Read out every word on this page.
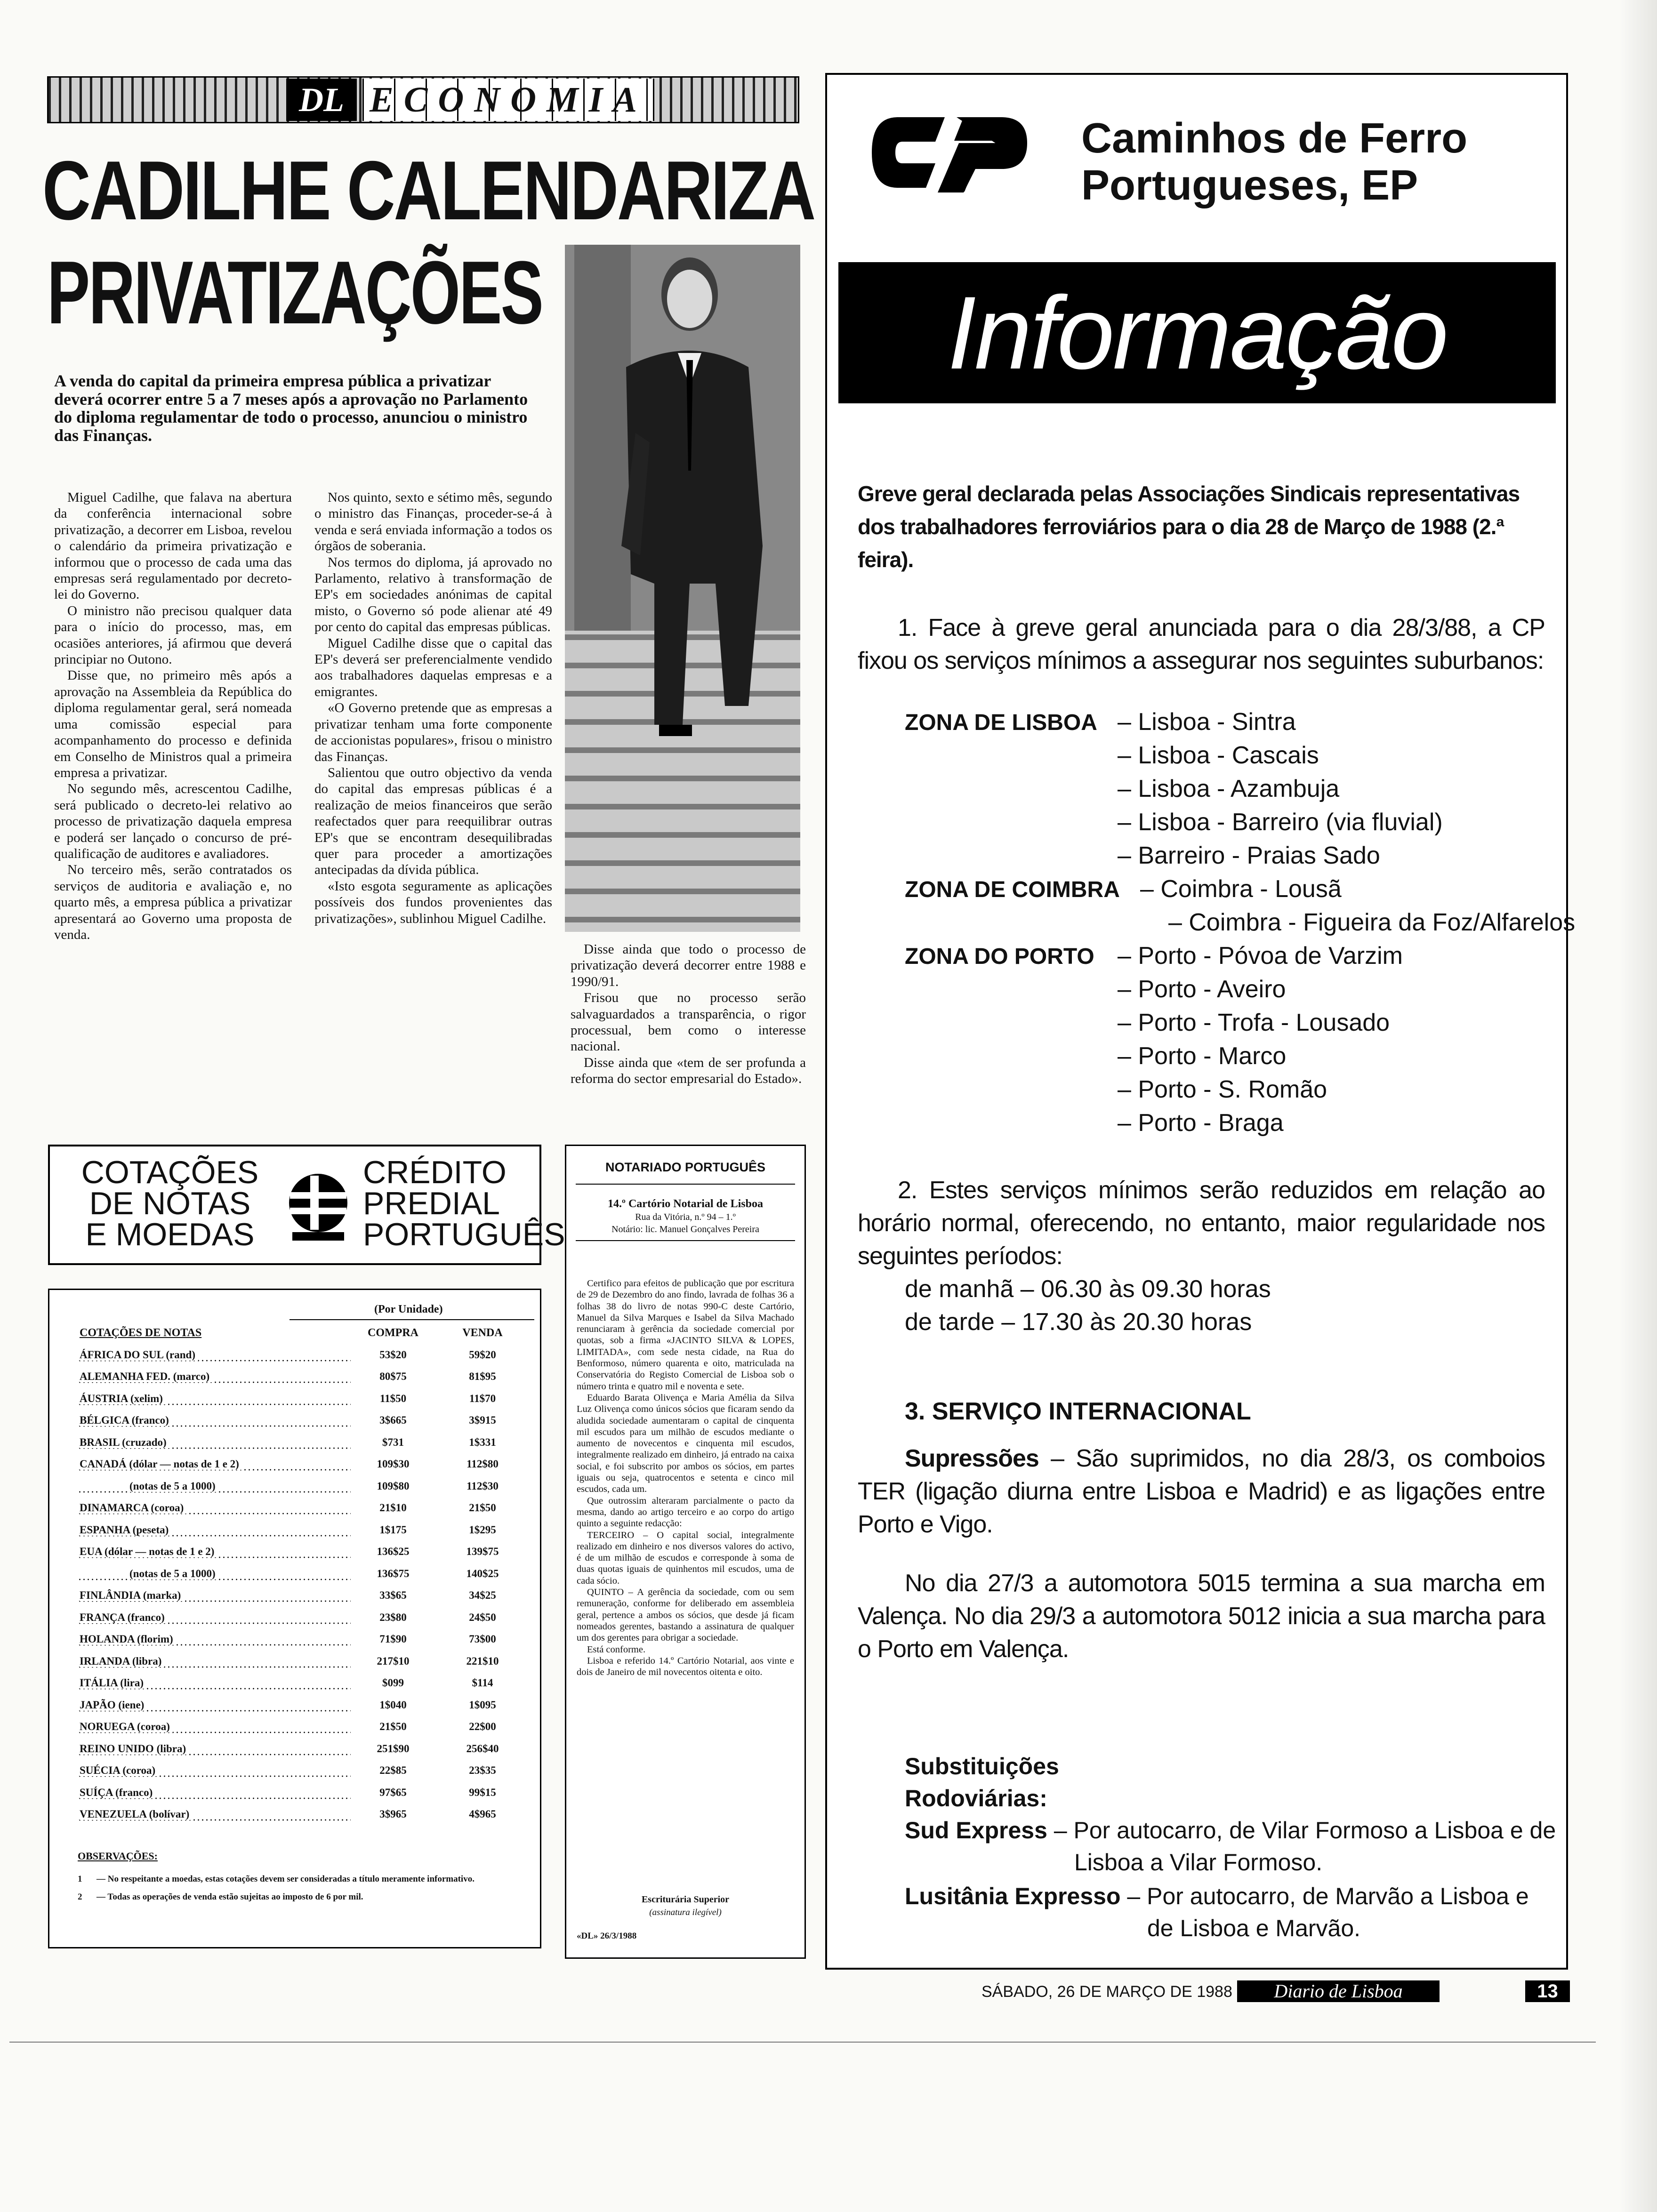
DL ECONOMIA
CADILHE CALENDARIZA
PRIVATIZAÇÕES
A venda do capital da primeira empresa pública a privatizar deverá ocorrer entre 5 a 7 meses após a aprovação no Parlamento do diploma regulamentar de todo o processo, anunciou o ministro das Finanças.

Miguel Cadilhe, que falava na abertura da conferência internacional sobre privatização, a decorrer em Lisboa, revelou o calendário da primeira privatização e informou que o processo de cada uma das empresas será regulamentado por decreto-lei do Governo.

O ministro não precisou qualquer data para o início do processo, mas, em ocasiões anteriores, já afirmou que deverá principiar no Outono.

Disse que, no primeiro mês após a aprovação na Assembleia da República do diploma regulamentar geral, será nomeada uma comissão especial para acompanhamento do processo e definida em Conselho de Ministros qual a primeira empresa a privatizar.

No segundo mês, acrescentou Cadilhe, será publicado o decreto-lei relativo ao processo de privatização daquela empresa e poderá ser lançado o concurso de pré-qualificação de auditores e avaliadores.

No terceiro mês, serão contratados os serviços de auditoria e avaliação e, no quarto mês, a empresa pública a privatizar apresentará ao Governo uma proposta de venda.

Nos quinto, sexto e sétimo mês, segundo o ministro das Finanças, proceder-se-á à venda e será enviada informação a todos os órgãos de soberania.

Nos termos do diploma, já aprovado no Parlamento, relativo à transformação de EP's em sociedades anónimas de capital misto, o Governo só pode alienar até 49 por cento do capital das empresas públicas.

Miguel Cadilhe disse que o capital das EP's deverá ser preferencialmente vendido aos trabalhadores daquelas empresas e a emigrantes.

«O Governo pretende que as empresas a privatizar tenham uma forte componente de accionistas populares», frisou o ministro das Finanças.

Salientou que outro objectivo da venda do capital das empresas públicas é a realização de meios financeiros que serão reafectados quer para reequilibrar outras EP's que se encontram desequilibradas quer para proceder a amortizações antecipadas da dívida pública.

«Isto esgota seguramente as aplicações possíveis dos fundos provenientes das privatizações», sublinhou Miguel Cadilhe.

Disse ainda que todo o processo de privatização deverá decorrer entre 1988 e 1990/91.

Frisou que no processo serão salvaguardados a transparência, o rigor processual, bem como o interesse nacional.

Disse ainda que «tem de ser profunda a reforma do sector empresarial do Estado».

COTAÇÕES
DE NOTAS
E MOEDAS
CRÉDITO
PREDIAL
PORTUGUÊS
(Por Unidade)
COTAÇÕES DE NOTAS	COMPRA	VENDA
ÁFRICA DO SUL (rand)	53$20	59$20
ALEMANHA FED. (marco)	80$75	81$95
ÁUSTRIA (xelim)	11$50	11$70
BÉLGICA (franco)	3$665	3$915
BRASIL (cruzado)	$731	1$331
CANADÁ (dólar — notas de 1 e 2)	109$30	112$80
(notas de 5 a 1000)	109$80	112$30
DINAMARCA (coroa)	21$10	21$50
ESPANHA (peseta)	1$175	1$295
EUA (dólar — notas de 1 e 2)	136$25	139$75
(notas de 5 a 1000)	136$75	140$25
FINLÂNDIA (marka)	33$65	34$25
FRANÇA (franco)	23$80	24$50
HOLANDA (florim)	71$90	73$00
IRLANDA (libra)	217$10	221$10
ITÁLIA (lira)	$099	$114
JAPÃO (iene)	1$040	1$095
NORUEGA (coroa)	21$50	22$00
REINO UNIDO (libra)	251$90	256$40
SUÉCIA (coroa)	22$85	23$35
SUÍÇA (franco)	97$65	99$15
VENEZUELA (bolívar)	3$965	4$965
OBSERVAÇÕES:
1	— No respeitante a moedas, estas cotações devem ser consideradas a título meramente informativo.
2	— Todas as operações de venda estão sujeitas ao imposto de 6 por mil.
NOTARIADO PORTUGUÊS
14.º Cartório Notarial de Lisboa
Rua da Vitória, n.º 94 – 1.º
Notário: lic. Manuel Gonçalves Pereira
Certifico para efeitos de publicação que por escritura de 29 de Dezembro do ano findo, lavrada de folhas 36 a folhas 38 do livro de notas 990-C deste Cartório, Manuel da Silva Marques e Isabel da Silva Machado renunciaram à gerência da sociedade comercial por quotas, sob a firma «JACINTO SILVA & LOPES, LIMITADA», com sede nesta cidade, na Rua do Benformoso, número quarenta e oito, matriculada na Conservatória do Registo Comercial de Lisboa sob o número trinta e quatro mil e noventa e sete.
Eduardo Barata Olivença e Maria Amélia da Silva Luz Olivença como únicos sócios que ficaram sendo da aludida sociedade aumentaram o capital de cinquenta mil escudos para um milhão de escudos mediante o aumento de novecentos e cinquenta mil escudos, integralmente realizado em dinheiro, já entrado na caixa social, e foi subscrito por ambos os sócios, em partes iguais ou seja, quatrocentos e setenta e cinco mil escudos, cada um.
Que outrossim alteraram parcialmente o pacto da mesma, dando ao artigo terceiro e ao corpo do artigo quinto a seguinte redacção:
TERCEIRO – O capital social, integralmente realizado em dinheiro e nos diversos valores do activo, é de um milhão de escudos e corresponde à soma de duas quotas iguais de quinhentos mil escudos, uma de cada sócio.
QUINTO – A gerência da sociedade, com ou sem remuneração, conforme for deliberado em assembleia geral, pertence a ambos os sócios, que desde já ficam nomeados gerentes, bastando a assinatura de qualquer um dos gerentes para obrigar a sociedade.
Está conforme.
Lisboa e referido 14.º Cartório Notarial, aos vinte e dois de Janeiro de mil novecentos oitenta e oito.
Escriturária Superior
(assinatura ilegível)
«DL» 26/3/1988
Caminhos de Ferro
Portugueses, EP
Informação
Greve geral declarada pelas Associações Sindicais representativas dos trabalhadores ferroviários para o dia 28 de Março de 1988 (2.ª feira).
1. Face à greve geral anunciada para o dia 28/3/88, a CP fixou os serviços mínimos a assegurar nos seguintes suburbanos:
ZONA DE LISBOA – Lisboa - Sintra
– Lisboa - Cascais
– Lisboa - Azambuja
– Lisboa - Barreiro (via fluvial)
– Barreiro - Praias Sado
ZONA DE COIMBRA – Coimbra - Lousã
– Coimbra - Figueira da Foz/Alfarelos
ZONA DO PORTO – Porto - Póvoa de Varzim
– Porto - Aveiro
– Porto - Trofa - Lousado
– Porto - Marco
– Porto - S. Romão
– Porto - Braga
2. Estes serviços mínimos serão reduzidos em relação ao horário normal, oferecendo, no entanto, maior regularidade nos seguintes períodos:
de manhã – 06.30 às 09.30 horas
de tarde – 17.30 às 20.30 horas
3. SERVIÇO INTERNACIONAL
Supressões – São suprimidos, no dia 28/3, os comboios TER (ligação diurna entre Lisboa e Madrid) e as ligações entre Porto e Vigo.
No dia 27/3 a automotora 5015 termina a sua marcha em Valença. No dia 29/3 a automotora 5012 inicia a sua marcha para o Porto em Valença.
Substituições
Rodoviárias:
Sud Express – Por autocarro, de Vilar Formoso a Lisboa e de
Lisboa a Vilar Formoso.
Lusitânia Expresso – Por autocarro, de Marvão a Lisboa e
de Lisboa e Marvão.
SÁBADO, 26 DE MARÇO DE 1988	Diario de Lisboa	13
